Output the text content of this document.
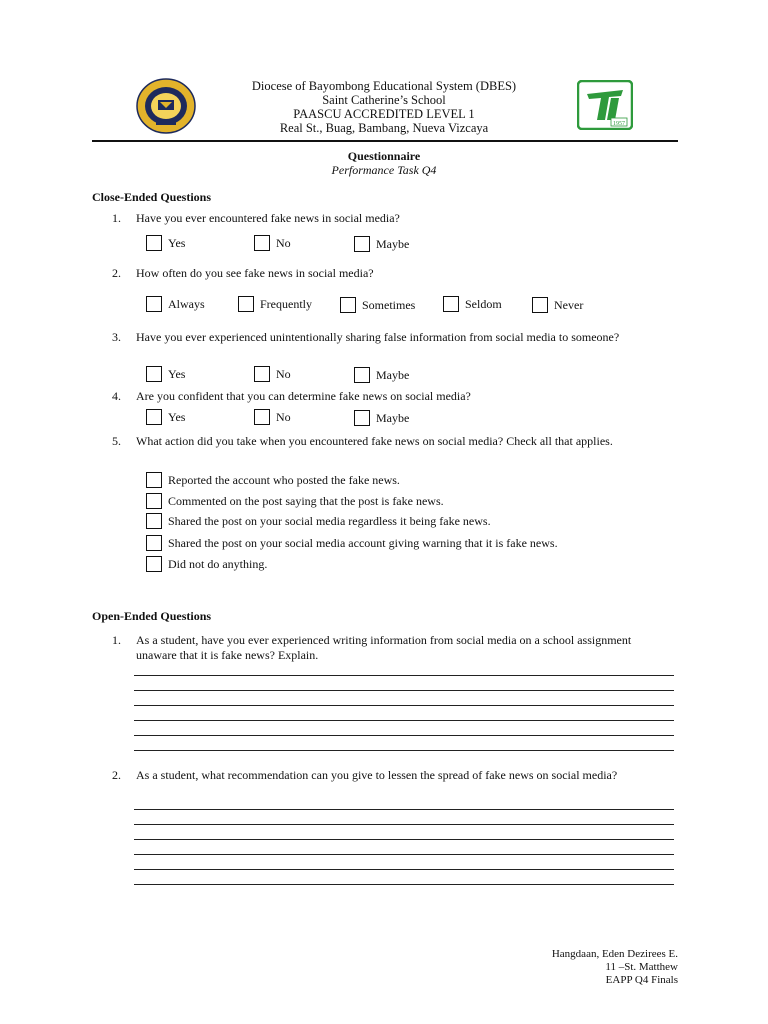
Diocese of Bayombong Educational System (DBES)
Saint Catherine’s School
PAASCU ACCREDITED LEVEL 1
Real St., Buag, Bambang, Nueva Vizcaya	1957
Questionnaire
Performance Task Q4
Close-Ended Questions
1. Have you ever encountered fake news in social media?
Yes	No	Maybe
2. How often do you see fake news in social media?
Always	Frequently	Sometimes	Seldom	Never
3. Have you ever experienced unintentionally sharing false information from social media to someone?
Yes	No	Maybe
4. Are you confident that you can determine fake news on social media?
Yes	No	Maybe
5. What action did you take when you encountered fake news on social media? Check all that applies.
Reported the account who posted the fake news.
Commented on the post saying that the post is fake news.
Shared the post on your social media regardless it being fake news.
Shared the post on your social media account giving warning that it is fake news.
Did not do anything.
Open-Ended Questions
1. As a student, have you ever experienced writing information from social media on a school assignment unaware that it is fake news? Explain.
2. As a student, what recommendation can you give to lessen the spread of fake news on social media?
Hangdaan, Eden Dezirees E.
11 –St. Matthew
EAPP Q4 Finals
